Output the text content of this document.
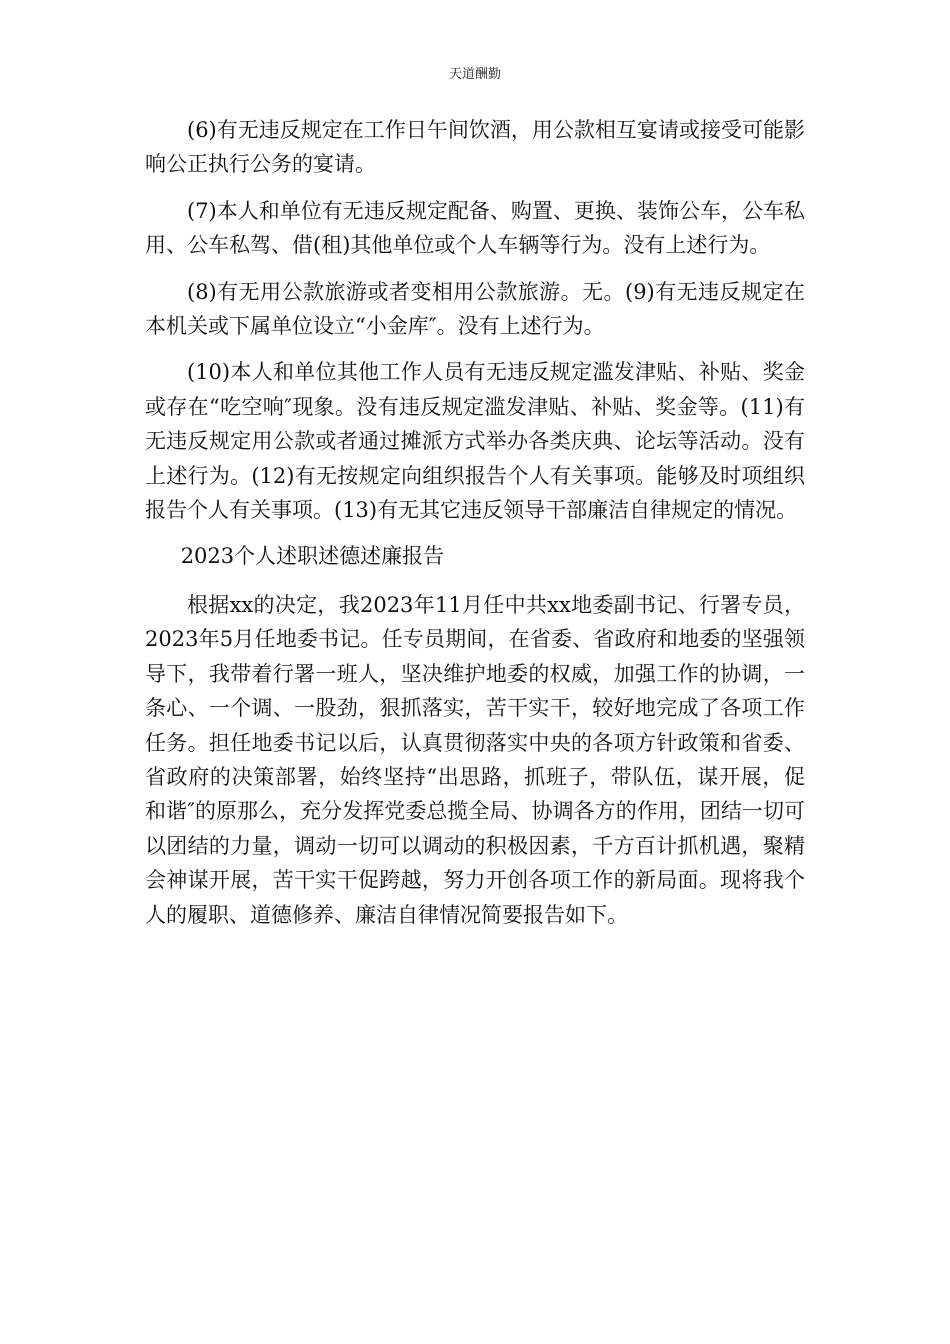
天道酬勤

(6)有无违反规定在工作日午间饮酒，用公款相互宴请或接受可能影响公正执行公务的宴请。

(7)本人和单位有无违反规定配备、购置、更换、装饰公车，公车私用、公车私驾、借(租)其他单位或个人车辆等行为。没有上述行为。

(8)有无用公款旅游或者变相用公款旅游。无。(9)有无违反规定在本机关或下属单位设立“小金库″。没有上述行为。

(10)本人和单位其他工作人员有无违反规定滥发津贴、补贴、奖金或存在“吃空响″现象。没有违反规定滥发津贴、补贴、奖金等。(11)有无违反规定用公款或者通过摊派方式举办各类庆典、论坛等活动。没有上述行为。(12)有无按规定向组织报告个人有关事项。能够及时项组织报告个人有关事项。(13)有无其它违反领导干部廉洁自律规定的情况。

2023个人述职述德述廉报告

根据xx的决定，我2023年11月任中共xx地委副书记、行署专员，2023年5月任地委书记。任专员期间，在省委、省政府和地委的坚强领导下，我带着行署一班人，坚决维护地委的权威，加强工作的协调，一条心、一个调、一股劲，狠抓落实，苦干实干，较好地完成了各项工作任务。担任地委书记以后，认真贯彻落实中央的各项方针政策和省委、省政府的决策部署，始终坚持“出思路，抓班子，带队伍，谋开展，促和谐″的原那么，充分发挥党委总揽全局、协调各方的作用，团结一切可以团结的力量，调动一切可以调动的积极因素，千方百计抓机遇，聚精会神谋开展，苦干实干促跨越，努力开创各项工作的新局面。现将我个人的履职、道德修养、廉洁自律情况简要报告如下。
